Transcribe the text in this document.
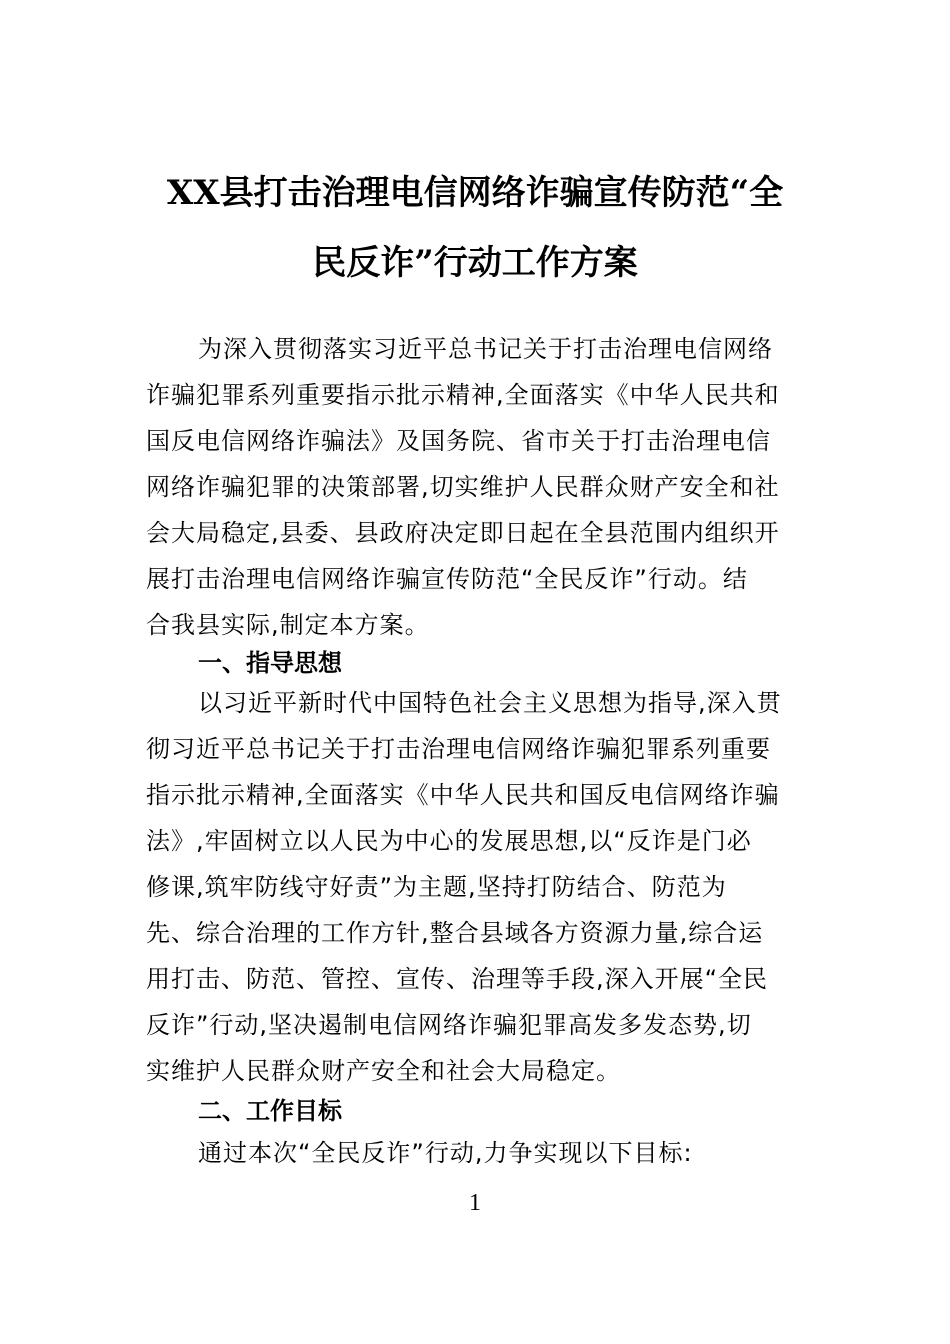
XX县打击治理电信网络诈骗宣传防范“全
民反诈”行动工作方案
为深入贯彻落实习近平总书记关于打击治理电信网络
诈骗犯罪系列重要指示批示精神,全面落实《中华人民共和
国反电信网络诈骗法》及国务院、省市关于打击治理电信
网络诈骗犯罪的决策部署,切实维护人民群众财产安全和社
会大局稳定,县委、县政府决定即日起在全县范围内组织开
展打击治理电信网络诈骗宣传防范“全民反诈”行动。结
合我县实际,制定本方案。
一、指导思想
以习近平新时代中国特色社会主义思想为指导,深入贯
彻习近平总书记关于打击治理电信网络诈骗犯罪系列重要
指示批示精神,全面落实《中华人民共和国反电信网络诈骗
法》,牢固树立以人民为中心的发展思想,以“反诈是门必
修课,筑牢防线守好责”为主题,坚持打防结合、防范为
先、综合治理的工作方针,整合县域各方资源力量,综合运
用打击、防范、管控、宣传、治理等手段,深入开展“全民
反诈”行动,坚决遏制电信网络诈骗犯罪高发多发态势,切
实维护人民群众财产安全和社会大局稳定。
二、工作目标
通过本次“全民反诈”行动,力争实现以下目标:
1
